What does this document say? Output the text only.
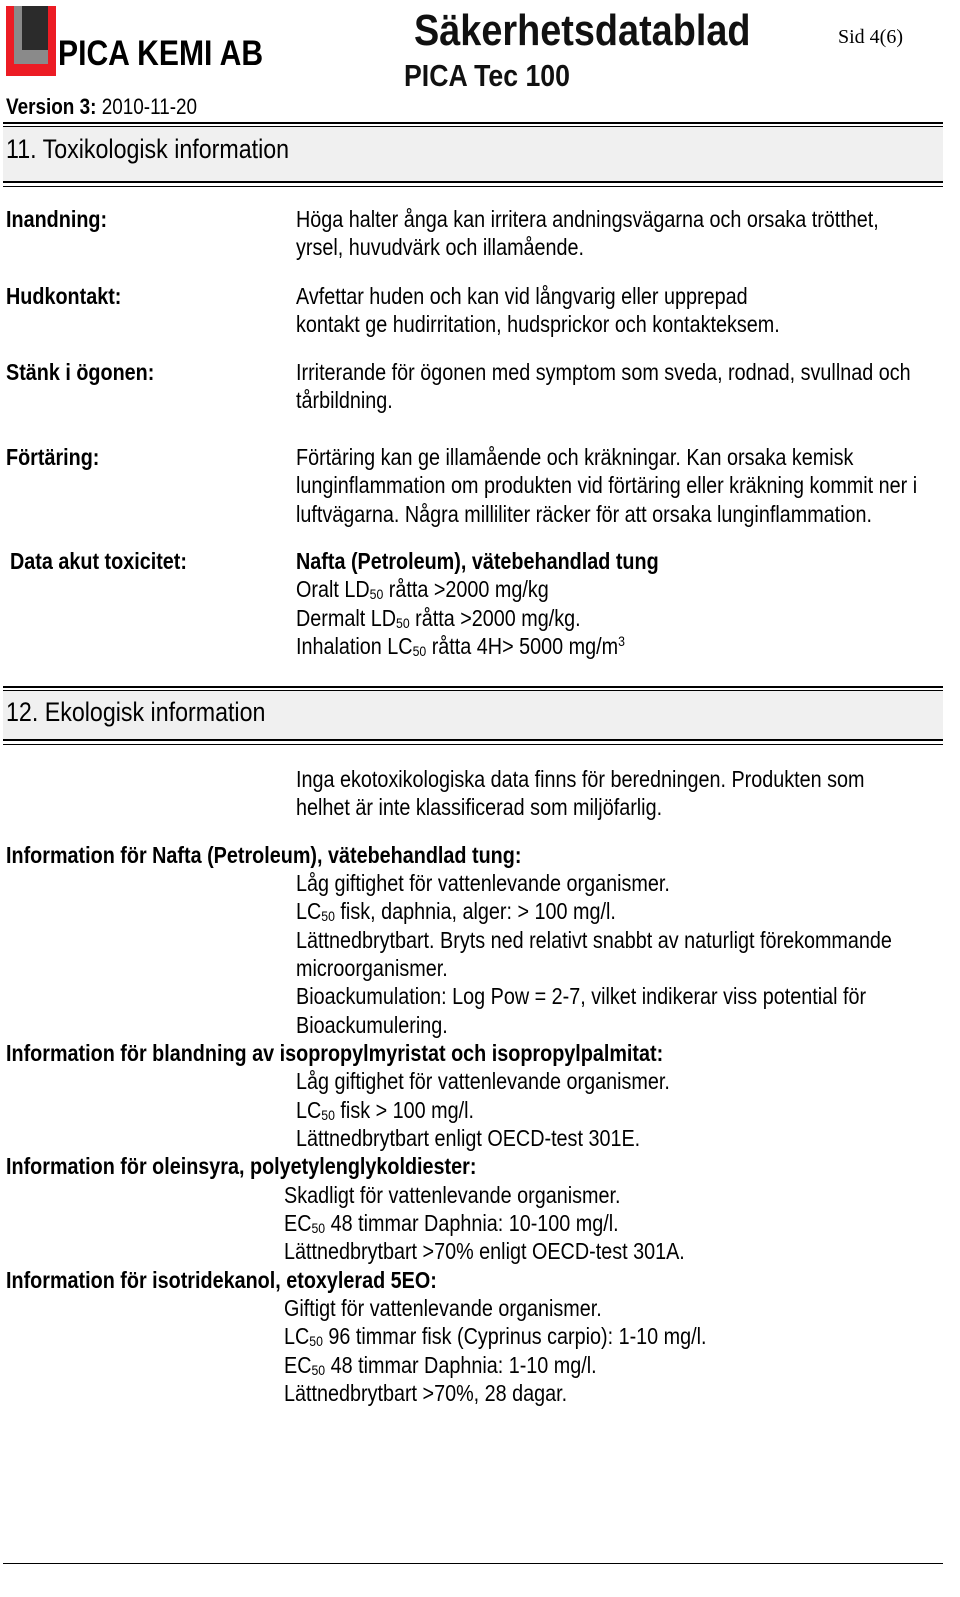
PICA KEMI AB	Säkerhetsdatablad
PICA Tec 100
Sid 4(6)
Version 3: 2010-11-20
11. Toxikologisk information
Inandning:	Höga halter ånga kan irritera andningsvägarna och orsaka trötthet,
yrsel, huvudvärk och illamående.
Hudkontakt:	Avfettar huden och kan vid långvarig eller upprepad
kontakt ge hudirritation, hudsprickor och kontakteksem.
Stänk i ögonen:	Irriterande för ögonen med symptom som sveda, rodnad, svullnad och
tårbildning.
Förtäring:	Förtäring kan ge illamående och kräkningar. Kan orsaka kemisk
lunginflammation om produkten vid förtäring eller kräkning kommit ner i
luftvägarna. Några milliliter räcker för att orsaka lunginflammation.
Data akut toxicitet:	Nafta (Petroleum), vätebehandlad tung
Oralt $LD_{50}$ råtta >2000 mg/kg
Dermalt $LD_{50}$ råtta >2000 mg/kg.
Inhalation $LC_{50}$ råtta 4H> 5000 $mg/m^3$
12. Ekologisk information
Inga ekotoxikologiska data finns för beredningen. Produkten som
helhet är inte klassificerad som miljöfarlig.
Information för Nafta (Petroleum), vätebehandlad tung:
Låg giftighet för vattenlevande organismer.
$LC_{50}$ fisk, daphnia, alger: > 100 mg/l.
Lättnedbrytbart. Bryts ned relativt snabbt av naturligt förekommande
microorganismer.
Bioackumulation: Log Pow = 2-7, vilket indikerar viss potential för
Bioackumulering.
Information för blandning av isopropylmyristat och isopropylpalmitat:
Låg giftighet för vattenlevande organismer.
$LC_{50}$ fisk > 100 mg/l.
Lättnedbrytbart enligt OECD-test 301E.
Information för oleinsyra, polyetylenglykoldiester:
Skadligt för vattenlevande organismer.
$EC_{50}$ 48 timmar Daphnia: 10-100 mg/l.
Lättnedbrytbart >70% enligt OECD-test 301A.
Information för isotridekanol, etoxylerad 5EO:
Giftigt för vattenlevande organismer.
$LC_{50}$ 96 timmar fisk (Cyprinus carpio): 1-10 mg/l.
$EC_{50}$ 48 timmar Daphnia: 1-10 mg/l.
Lättnedbrytbart >70%, 28 dagar.
